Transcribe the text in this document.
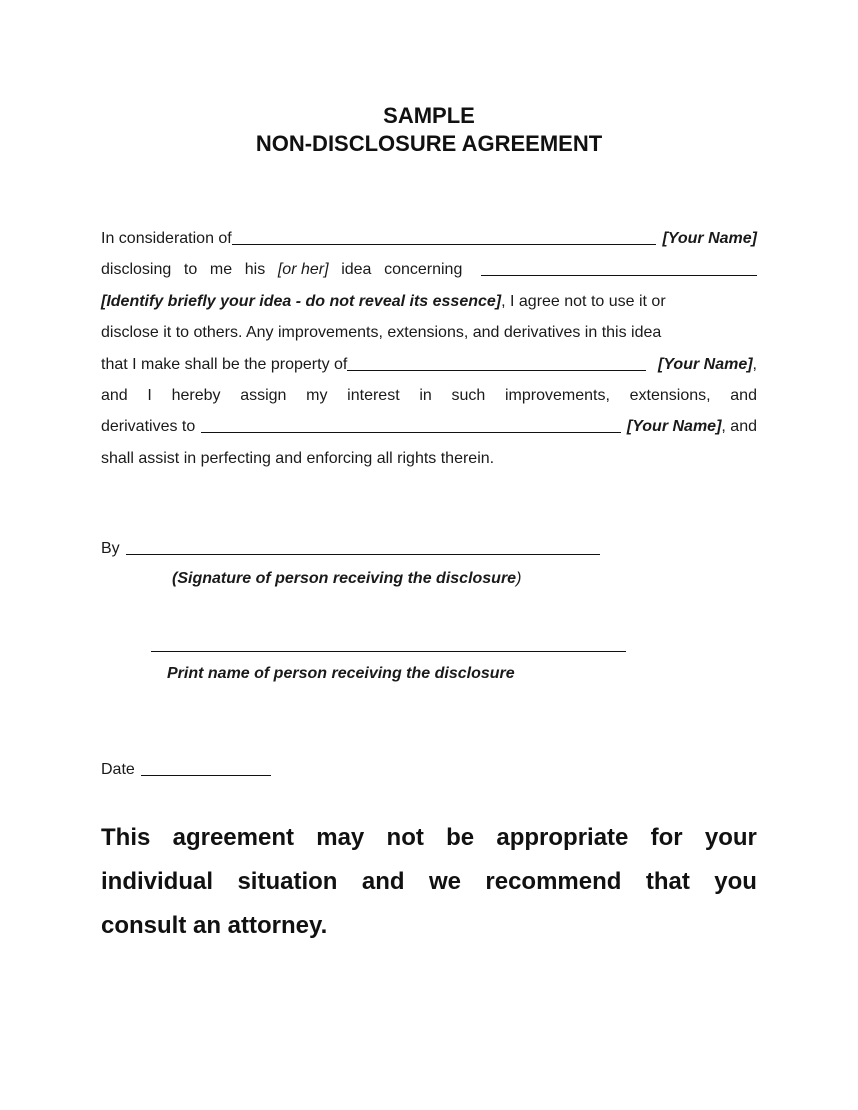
SAMPLE
NON-DISCLOSURE AGREEMENT
In consideration of	[Your Name]
disclosing to me his [or her] idea concerning
[Identify briefly your idea - do not reveal its essence] , I agree not to use it or
disclose it to others. Any improvements, extensions, and derivatives in this idea
that I make shall be the property of	[Your Name] ,
and I hereby assign my interest in such improvements, extensions, and
derivatives to	[Your Name] , and
shall assist in perfecting and enforcing all rights therein.
By
(Signature of person receiving the disclosure)
Print name of person receiving the disclosure
Date
This agreement may not be appropriate for your
individual situation and we recommend that you
consult an attorney.
